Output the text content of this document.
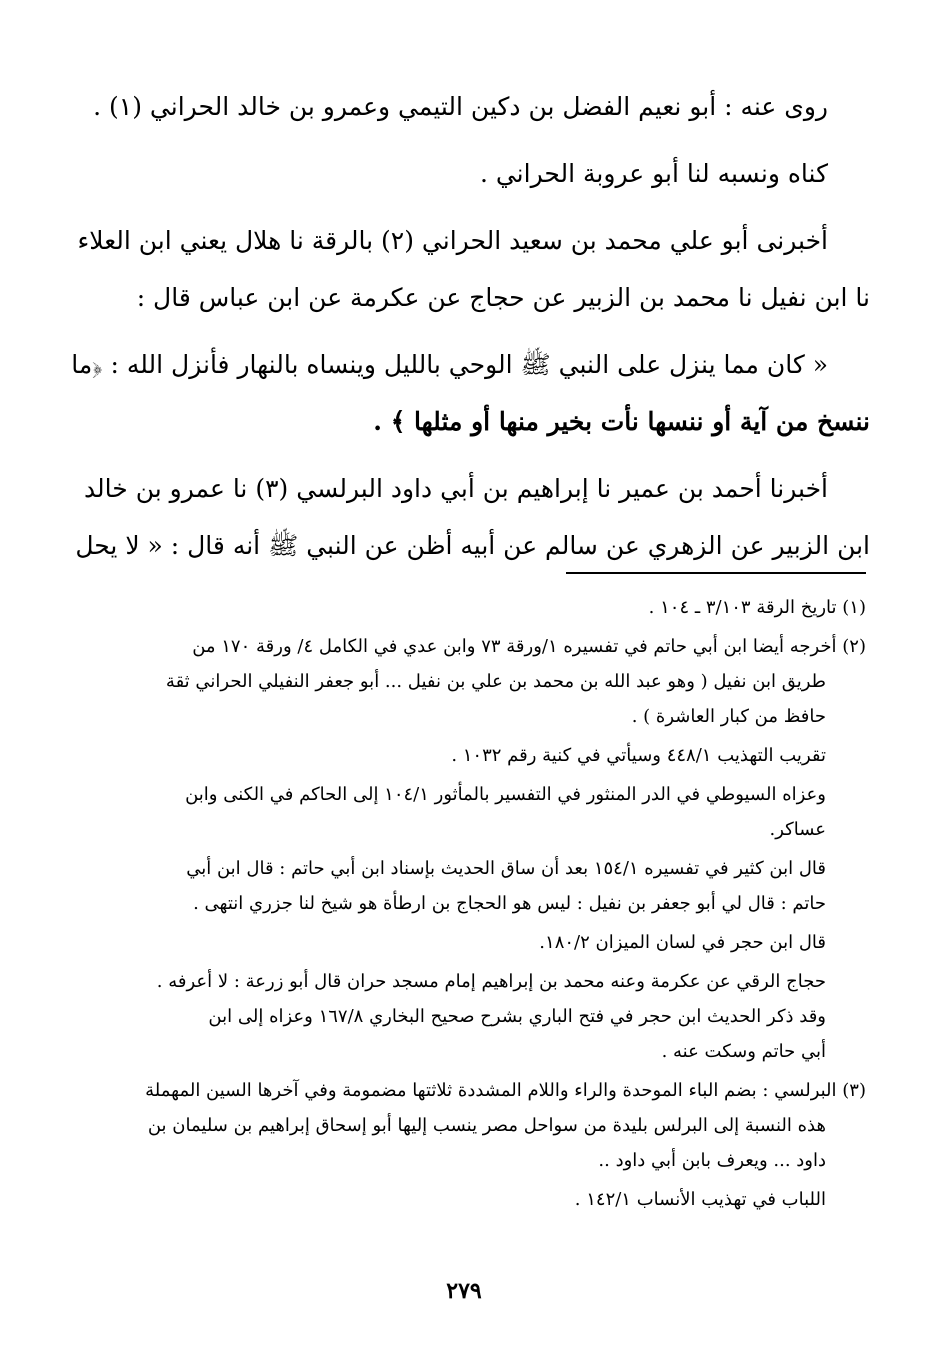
روى عنه : أبو نعيم الفضل بن دكين التيمي وعمرو بن خالد الحراني (١) .

كناه ونسبه لنا أبو عروبة الحراني .

أخبرنى أبو علي محمد بن سعيد الحراني (٢) بالرقة نا هلال يعني ابن العلاء
نا ابن نفيل نا محمد بن الزبير عن حجاج عن عكرمة عن ابن عباس قال :

« كان مما ينزل على النبي ﷺ الوحي بالليل وينساه بالنهار فأنزل الله : ﴿ما
ننسخ من آية أو ننسها نأت بخير منها أو مثلها ﴾ .

أخبرنا أحمد بن عمير نا إبراهيم بن أبي داود البرلسي (٣) نا عمرو بن خالد
ابن الزبير عن الزهري عن سالم عن أبيه أظن عن النبي ﷺ أنه قال : « لا يحل

(١) تاريخ الرقة ٣/١٠٣ ـ ١٠٤ .
(٢) أخرجه أيضا ابن أبي حاتم في تفسيره ١/ورقة ٧٣ وابن عدي في الكامل ٤/ ورقة ١٧٠ من
طريق ابن نفيل ( وهو عبد الله بن محمد بن علي بن نفيل ... أبو جعفر النفيلي الحراني ثقة
حافظ من كبار العاشرة ) .
تقريب التهذيب ٤٤٨/١ وسيأتي في كنية رقم ١٠٣٢ .
وعزاه السيوطي في الدر المنثور في التفسير بالمأثور ١٠٤/١ إلى الحاكم في الكنى وابن
عساكر.
قال ابن كثير في تفسيره ١٥٤/١ بعد أن ساق الحديث بإسناد ابن أبي حاتم : قال ابن أبي
حاتم : قال لي أبو جعفر بن نفيل : ليس هو الحجاج بن ارطأة هو شيخ لنا جزري انتهى .
قال ابن حجر في لسان الميزان ١٨٠/٢.
حجاج الرقي عن عكرمة وعنه محمد بن إبراهيم إمام مسجد حران قال أبو زرعة : لا أعرفه .
وقد ذكر الحديث ابن حجر في فتح الباري بشرح صحيح البخاري ١٦٧/٨ وعزاه إلى ابن
أبي حاتم وسكت عنه .
(٣) البرلسي : بضم الباء الموحدة والراء واللام المشددة ثلاثتها مضمومة وفي آخرها السين المهملة
هذه النسبة إلى البرلس بليدة من سواحل مصر ينسب إليها أبو إسحاق إبراهيم بن سليمان بن
داود ... ويعرف بابن أبي داود ..
اللباب في تهذيب الأنساب ١٤٢/١ .
٢٧٩
